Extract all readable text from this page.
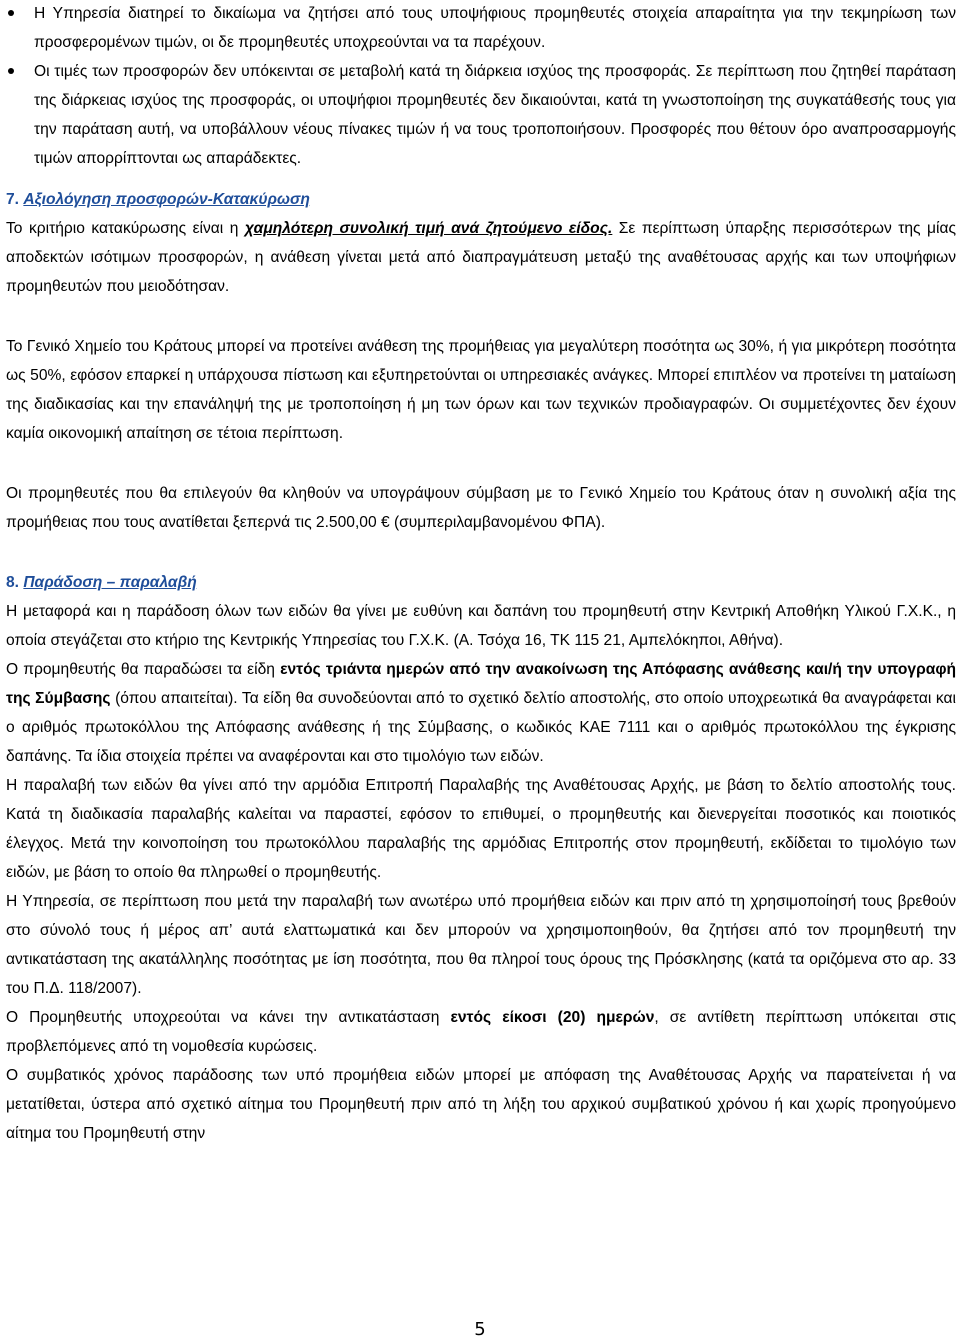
Η Υπηρεσία διατηρεί το δικαίωμα να ζητήσει από τους υποψήφιους προμηθευτές στοιχεία απαραίτητα για την τεκμηρίωση των προσφερομένων τιμών, οι δε προμηθευτές υποχρεούνται να τα παρέχουν.
Οι τιμές των προσφορών δεν υπόκεινται σε μεταβολή κατά τη διάρκεια ισχύος της προσφοράς. Σε περίπτωση που ζητηθεί παράταση της διάρκειας ισχύος της προσφοράς, οι υποψήφιοι προμηθευτές δεν δικαιούνται, κατά τη γνωστοποίηση της συγκατάθεσής τους για την παράταση αυτή, να υποβάλλουν νέους πίνακες τιμών ή να τους τροποποιήσουν. Προσφορές που θέτουν όρο αναπροσαρμογής τιμών απορρίπτονται ως απαράδεκτες.

7. Αξιολόγηση προσφορών-Κατακύρωση

Το κριτήριο κατακύρωσης είναι η χαμηλότερη συνολική τιμή ανά ζητούμενο είδος. Σε περίπτωση ύπαρξης περισσότερων της μίας αποδεκτών ισότιμων προσφορών, η ανάθεση γίνεται μετά από διαπραγμάτευση μεταξύ της αναθέτουσας αρχής και των υποψήφιων προμηθευτών που μειοδότησαν.

Το Γενικό Χημείο του Κράτους μπορεί να προτείνει ανάθεση της προμήθειας για μεγαλύτερη ποσότητα ως 30%, ή για μικρότερη ποσότητα ως 50%, εφόσον επαρκεί η υπάρχουσα πίστωση και εξυπηρετούνται οι υπηρεσιακές ανάγκες. Μπορεί επιπλέον να προτείνει τη ματαίωση της διαδικασίας και την επανάληψή της με τροποποίηση ή μη των όρων και των τεχνικών προδιαγραφών. Οι συμμετέχοντες δεν έχουν καμία οικονομική απαίτηση σε τέτοια περίπτωση.

Οι προμηθευτές που θα επιλεγούν θα κληθούν να υπογράψουν σύμβαση με το Γενικό Χημείο του Κράτους όταν η συνολική αξία της προμήθειας που τους ανατίθεται ξεπερνά τις 2.500,00 € (συμπεριλαμβανομένου ΦΠΑ).

8. Παράδοση – παραλαβή

Η μεταφορά και η παράδοση όλων των ειδών θα γίνει με ευθύνη και δαπάνη του προμηθευτή στην Κεντρική Αποθήκη Υλικού Γ.Χ.Κ., η οποία στεγάζεται στο κτήριο της Κεντρικής Υπηρεσίας του Γ.Χ.Κ. (Α. Τσόχα 16, ΤΚ 115 21, Αμπελόκηποι, Αθήνα).

Ο προμηθευτής θα παραδώσει τα είδη εντός τριάντα ημερών από την ανακοίνωση της Απόφασης ανάθεσης και/ή την υπογραφή της Σύμβασης (όπου απαιτείται). Τα είδη θα συνοδεύονται από το σχετικό δελτίο αποστολής, στο οποίο υποχρεωτικά θα αναγράφεται και ο αριθμός πρωτοκόλλου της Απόφασης ανάθεσης ή της Σύμβασης, ο κωδικός ΚΑΕ 7111 και ο αριθμός πρωτοκόλλου της έγκρισης δαπάνης. Τα ίδια στοιχεία πρέπει να αναφέρονται και στο τιμολόγιο των ειδών.

Η παραλαβή των ειδών θα γίνει από την αρμόδια Επιτροπή Παραλαβής της Αναθέτουσας Αρχής, με βάση το δελτίο αποστολής τους. Κατά τη διαδικασία παραλαβής καλείται να παραστεί, εφόσον το επιθυμεί, ο προμηθευτής και διενεργείται ποσοτικός και ποιοτικός έλεγχος. Μετά την κοινοποίηση του πρωτοκόλλου παραλαβής της αρμόδιας Επιτροπής στον προμηθευτή, εκδίδεται το τιμολόγιο των ειδών, με βάση το οποίο θα πληρωθεί ο προμηθευτής.

Η Υπηρεσία, σε περίπτωση που μετά την παραλαβή των ανωτέρω υπό προμήθεια ειδών και πριν από τη χρησιμοποίησή τους βρεθούν στο σύνολό τους ή μέρος απ’ αυτά ελαττωματικά και δεν μπορούν να χρησιμοποιηθούν, θα ζητήσει από τον προμηθευτή την αντικατάσταση της ακατάλληλης ποσότητας με ίση ποσότητα, που θα πληροί τους όρους της Πρόσκλησης (κατά τα οριζόμενα στο αρ. 33 του Π.Δ. 118/2007).

Ο Προμηθευτής υποχρεούται να κάνει την αντικατάσταση εντός είκοσι (20) ημερών, σε αντίθετη περίπτωση υπόκειται στις προβλεπόμενες από τη νομοθεσία κυρώσεις.

Ο συμβατικός χρόνος παράδοσης των υπό προμήθεια ειδών μπορεί με απόφαση της Αναθέτουσας Αρχής να παρατείνεται ή να μετατίθεται, ύστερα από σχετικό αίτημα του Προμηθευτή πριν από τη λήξη του αρχικού συμβατικού χρόνου ή και χωρίς προηγούμενο αίτημα του Προμηθευτή στην

5
